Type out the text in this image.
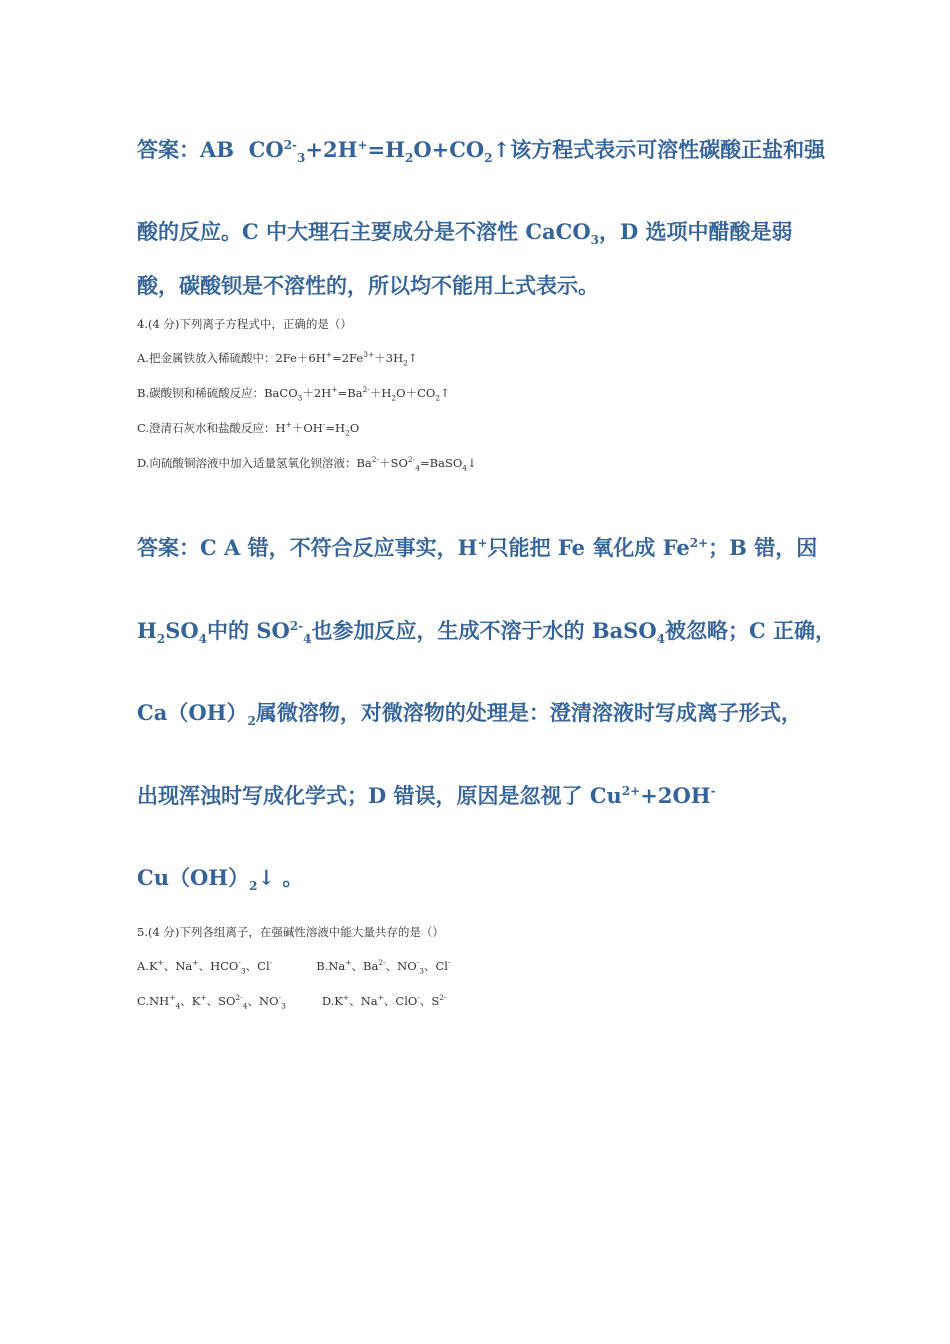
答案：AB $CO^{2-}_3+2H^+=H_2O+CO_2↑$该方程式表示可溶性碳酸正盐和强

酸的反应。C 中大理石主要成分是不溶性 CaCO$_3$，D 选项中醋酸是弱

酸，碳酸钡是不溶性的，所以均不能用上式表示。

4.(4 分)下列离子方程式中，正确的是（）

A.把金属铁放入稀硫酸中：$2Fe+6H^+=2Fe^{3+}+3H_2↑$

B.碳酸钡和稀硫酸反应：$BaCO_3+2H^+=Ba^{2-}+H_2O+CO_2↑$

C.澄清石灰水和盐酸反应：$H^++OH^-=H_2O$

D.向硫酸铜溶液中加入适量氢氧化钡溶液：$Ba^{2-}+SO^{2-}_4=BaSO_4↓$

答案：C A 错，不符合反应事实，H+只能把 Fe 氧化成 $Fe^{2+}$；B 错，因

$H_2SO_4$中的 $SO^{2-}_4$也参加反应，生成不溶于水的 BaSO$_4$被忽略；C 正确，

$Ca(OH)_2$属微溶物，对微溶物的处理是：澄清溶液时写成离子形式，

出现浑浊时写成化学式；D 错误，原因是忽视了 $Cu^{2+}+2OH^-$

$Cu(OH)_2↓$ 。

5.(4 分)下列各组离子，在强碱性溶液中能大量共存的是（）

A.K+、Na+、$HCO^-_3$、Cl-	B.Na+、$Ba^{2-}$、$NO^-_3$、Cl-

$C.NH^+_4$、K+、$SO^{2-}_4$、$NO^-_3$	D.K+、Na+、ClO-、$S^{2-}$
